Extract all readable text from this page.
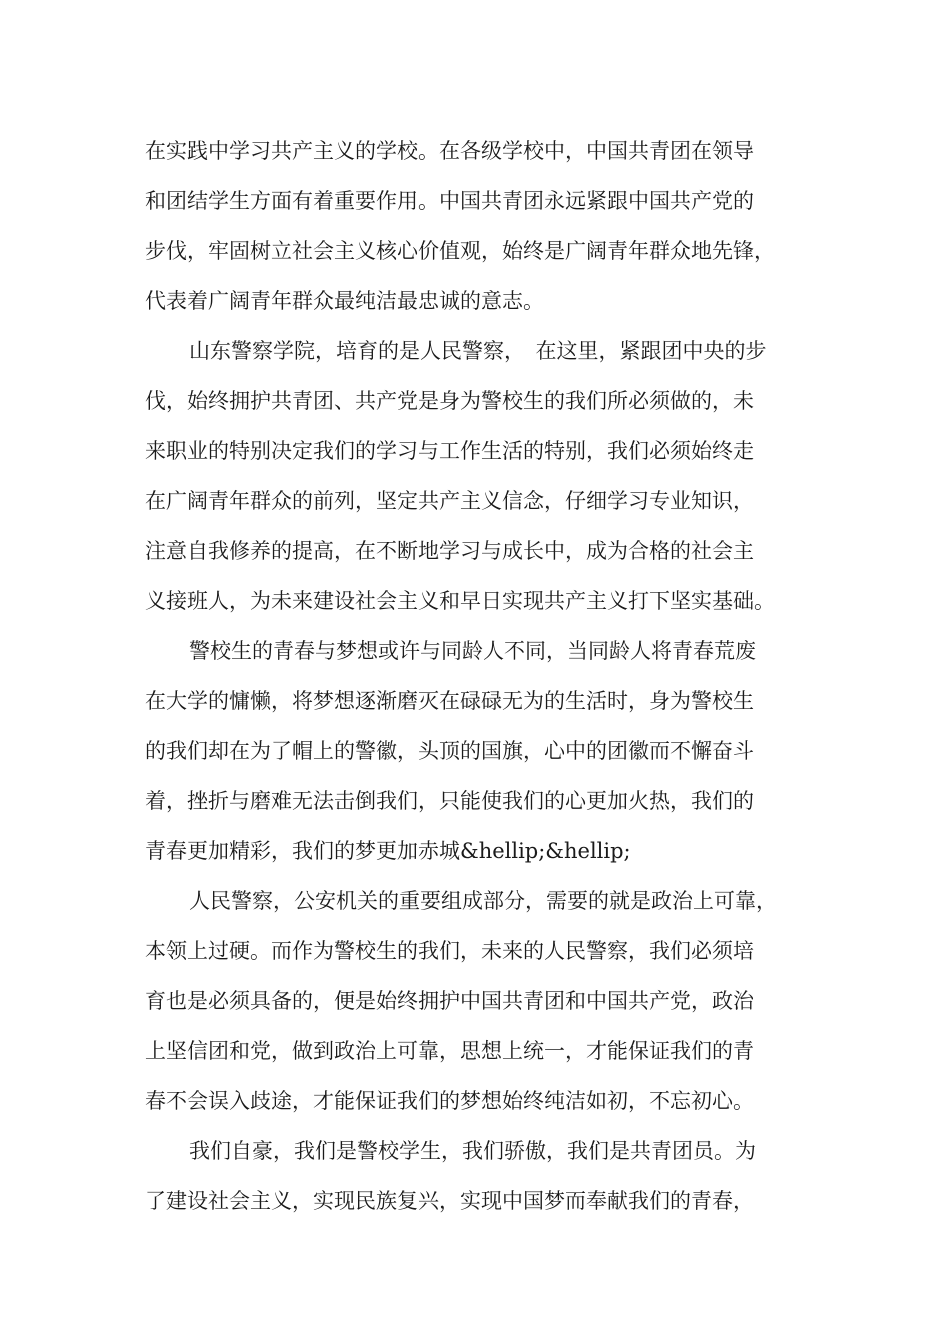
在实践中学习共产主义的学校。在各级学校中，中国共青团在领导
和团结学生方面有着重要作用。中国共青团永远紧跟中国共产党的
步伐，牢固树立社会主义核心价值观，始终是广阔青年群众地先锋，
代表着广阔青年群众最纯洁最忠诚的意志。
山东警察学院，培育的是人民警察，　在这里，紧跟团中央的步
伐，始终拥护共青团、共产党是身为警校生的我们所必须做的，未
来职业的特别决定我们的学习与工作生活的特别，我们必须始终走
在广阔青年群众的前列，坚定共产主义信念，仔细学习专业知识，
注意自我修养的提高，在不断地学习与成长中，成为合格的社会主
义接班人，为未来建设社会主义和早日实现共产主义打下坚实基础。
警校生的青春与梦想或许与同龄人不同，当同龄人将青春荒废
在大学的慵懒，将梦想逐渐磨灭在碌碌无为的生活时，身为警校生
的我们却在为了帽上的警徽，头顶的国旗，心中的团徽而不懈奋斗
着，挫折与磨难无法击倒我们，只能使我们的心更加火热，我们的
青春更加精彩，我们的梦更加赤城&hellip;&hellip;
人民警察，公安机关的重要组成部分，需要的就是政治上可靠，
本领上过硬。而作为警校生的我们，未来的人民警察，我们必须培
育也是必须具备的，便是始终拥护中国共青团和中国共产党，政治
上坚信团和党，做到政治上可靠，思想上统一，才能保证我们的青
春不会误入歧途，才能保证我们的梦想始终纯洁如初，不忘初心。
我们自豪，我们是警校学生，我们骄傲，我们是共青团员。为
了建设社会主义，实现民族复兴，实现中国梦而奉献我们的青春，
